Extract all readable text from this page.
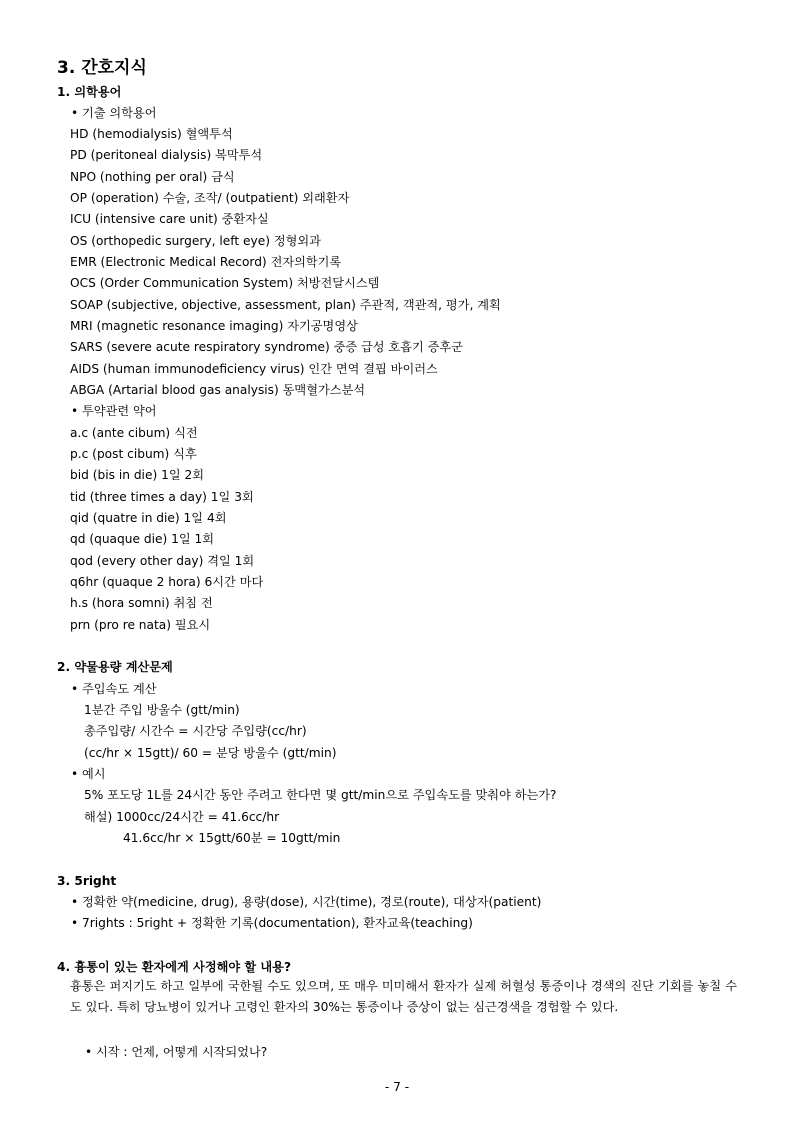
3. 간호지식
1. 의학용어
• 기출 의학용어
HD (hemodialysis) 혈액투석
PD (peritoneal dialysis) 복막투석
NPO (nothing per oral) 금식
OP (operation) 수술, 조작/ (outpatient) 외래환자
ICU (intensive care unit) 중환자실
OS (orthopedic surgery, left eye) 정형외과
EMR (Electronic Medical Record) 전자의학기록
OCS (Order Communication System) 처방전달시스템
SOAP (subjective, objective, assessment, plan) 주관적, 객관적, 평가, 계획
MRI (magnetic resonance imaging) 자기공명영상
SARS (severe acute respiratory syndrome) 중증 급성 호흡기 증후군
AIDS (human immunodeficiency virus) 인간 면역 결핍 바이러스
ABGA (Artarial blood gas analysis) 동맥혈가스분석
• 투약관련 약어
a.c (ante cibum) 식전
p.c (post cibum) 식후
bid (bis in die) 1일 2회
tid (three times a day) 1일 3회
qid (quatre in die) 1일 4회
qd (quaque die) 1일 1회
qod (every other day) 격일 1회
q6hr (quaque 2 hora) 6시간 마다
h.s (hora somni) 취침 전
prn (pro re nata) 필요시
2. 약물용량 계산문제
• 주입속도 계산
1분간 주입 방울수 (gtt/min)
총주입량/ 시간수 = 시간당 주입량(cc/hr)
(cc/hr × 15gtt)/ 60 = 분당 방울수 (gtt/min)
• 예시
5% 포도당 1L를 24시간 동안 주려고 한다면 몇 gtt/min으로 주입속도를 맞춰야 하는가?
해설) 1000cc/24시간 = 41.6cc/hr
41.6cc/hr × 15gtt/60분 = 10gtt/min
3. 5right
• 정확한 약(medicine, drug), 용량(dose), 시간(time), 경로(route), 대상자(patient)
• 7rights : 5right + 정확한 기록(documentation), 환자교육(teaching)
4. 흉통이 있는 환자에게 사정해야 할 내용?
흉통은 퍼지기도 하고 일부에 국한될 수도 있으며, 또 매우 미미해서 환자가 실제 허혈성 통증이나 경색의 진단 기회를 놓칠 수 도 있다. 특히 당뇨병이 있거나 고령인 환자의 30%는 통증이나 증상이 없는 심근경색을 경험할 수 있다.
• 시작 : 언제, 어떻게 시작되었나?
- 7 -
